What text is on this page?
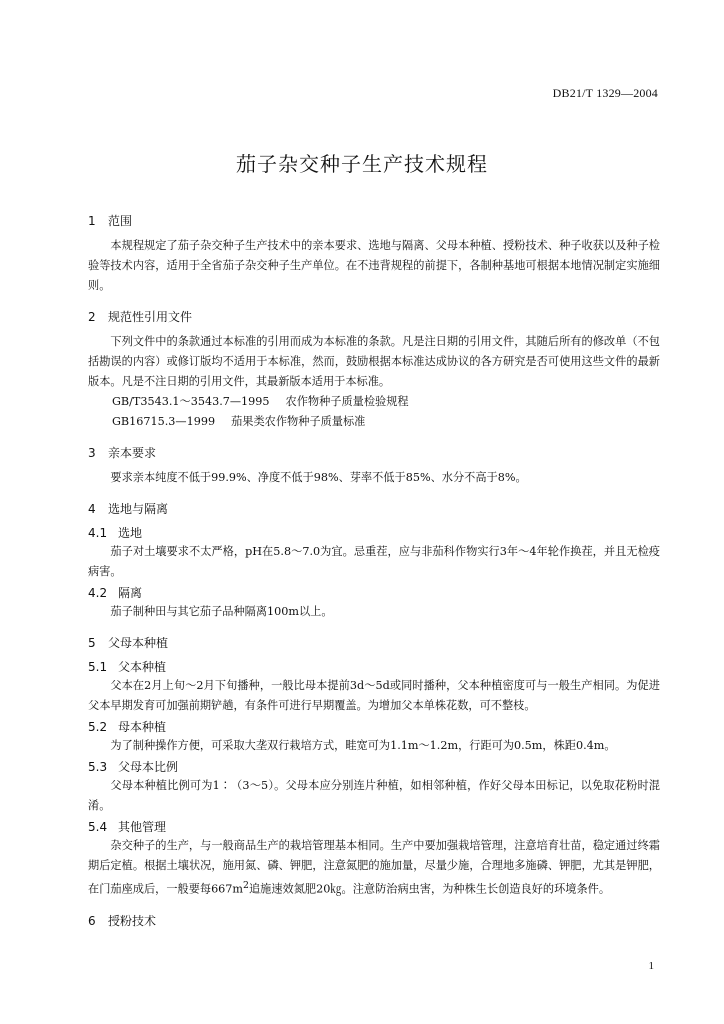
DB21/T 1329—2004
茄子杂交种子生产技术规程
1 范围

本规程规定了茄子杂交种子生产技术中的亲本要求、选地与隔离、父母本种植、授粉技术、种子收获以及种子检验等技术内容，适用于全省茄子杂交种子生产单位。在不违背规程的前提下，各制种基地可根据本地情况制定实施细则。

2 规范性引用文件

下列文件中的条款通过本标准的引用而成为本标准的条款。凡是注日期的引用文件，其随后所有的修改单（不包括勘误的内容）或修订版均不适用于本标准，然而，鼓励根据本标准达成协议的各方研究是否可使用这些文件的最新版本。凡是不注日期的引用文件，其最新版本适用于本标准。

GB/T3543.1～3543.7—1995 农作物种子质量检验规程
GB16715.3—1999 茄果类农作物种子质量标准
3 亲本要求

要求亲本纯度不低于99.9%、净度不低于98%、芽率不低于85%、水分不高于8%。

4 选地与隔离
4.1 选地

茄子对土壤要求不太严格，pH在5.8～7.0为宜。忌重茬，应与非茄科作物实行3年～4年轮作换茬，并且无检疫病害。

4.2 隔离

茄子制种田与其它茄子品种隔离100m以上。

5 父母本种植
5.1 父本种植

父本在2月上旬～2月下旬播种，一般比母本提前3d～5d或同时播种，父本种植密度可与一般生产相同。为促进父本早期发育可加强前期铲趟，有条件可进行早期覆盖。为增加父本单株花数，可不整枝。

5.2 母本种植

为了制种操作方便，可采取大垄双行栽培方式，畦宽可为1.1m～1.2m，行距可为0.5m，株距0.4m。

5.3 父母本比例

父母本种植比例可为1∶（3～5）。父母本应分别连片种植，如相邻种植，作好父母本田标记，以免取花粉时混淆。

5.4 其他管理

杂交种子的生产，与一般商品生产的栽培管理基本相同。生产中要加强栽培管理，注意培育壮苗，稳定通过终霜期后定植。根据土壤状况，施用氮、磷、钾肥，注意氮肥的施加量，尽量少施，合理地多施磷、钾肥，尤其是钾肥，在门茄座成后，一般要每$667m^2$追施速效氮肥20㎏。注意防治病虫害，为种株生长创造良好的环境条件。

6 授粉技术
1
